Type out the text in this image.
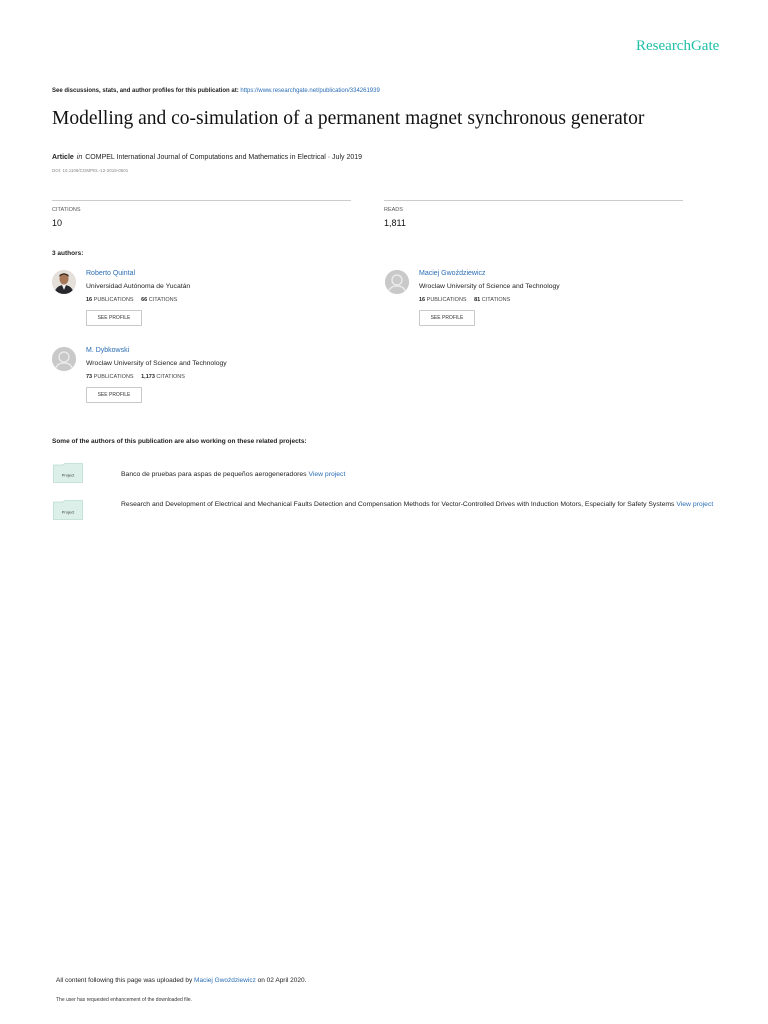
ResearchGate
See discussions, stats, and author profiles for this publication at: https://www.researchgate.net/publication/334261939
Modelling and co-simulation of a permanent magnet synchronous generator
Article in COMPEL International Journal of Computations and Mathematics in Electrical · July 2019
DOI: 10.1108/COMPEL-12-2018-0501
CITATIONS
10
READS
1,811
3 authors:
Roberto Quintal
Universidad Autónoma de Yucatán
16 PUBLICATIONS 66 CITATIONS
SEE PROFILE
Maciej Gwoździewicz
Wroclaw University of Science and Technology
16 PUBLICATIONS 81 CITATIONS
SEE PROFILE
M. Dybkowski
Wroclaw University of Science and Technology
73 PUBLICATIONS 1,173 CITATIONS
SEE PROFILE
Some of the authors of this publication are also working on these related projects:
Project	Banco de pruebas para aspas de pequeños aerogeneradores View project
Project
Research and Development of Electrical and Mechanical Faults Detection and Compensation Methods for Vector-Controlled Drives with Induction Motors, Especially for Safety Systems View project
All content following this page was uploaded by Maciej Gwoździewicz on 02 April 2020.
The user has requested enhancement of the downloaded file.
